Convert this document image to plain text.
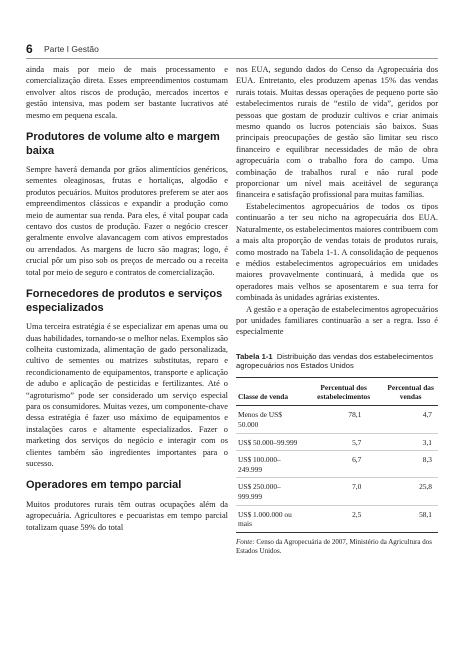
6 Parte I Gestão

ainda mais por meio de mais processamento e comercialização direta. Esses empreendimentos costumam envolver altos riscos de produção, mercados incertos e gestão intensiva, mas podem ser bastante lucrativos até mesmo em pequena escala.

Produtores de volume alto e margem baixa

Sempre haverá demanda por grãos alimentícios genéricos, sementes oleaginosas, frutas e hortaliças, algodão e produtos pecuários. Muitos produtores preferem se ater aos empreendimentos clássicos e expandir a produção como meio de aumentar sua renda. Para eles, é vital poupar cada centavo dos custos de produção. Fazer o negócio crescer geralmente envolve alavancagem com ativos emprestados ou arrendados. As margens de lucro são magras; logo, é crucial pôr um piso sob os preços de mercado ou a receita total por meio de seguro e contratos de comercialização.

Fornecedores de produtos e serviços especializados

Uma terceira estratégia é se especializar em apenas uma ou duas habilidades, tornando-se o melhor nelas. Exemplos são colheita customizada, alimentação de gado personalizada, cultivo de sementes ou matrizes substitutas, reparo e recondicionamento de equipamentos, transporte e aplicação de adubo e aplicação de pesticidas e fertilizantes. Até o “agroturismo” pode ser considerado um serviço especial para os consumidores. Muitas vezes, um componente-chave dessa estratégia é fazer uso máximo de equipamentos e instalações caros e altamente especializados. Fazer o marketing dos serviços do negócio e interagir com os clientes também são ingredientes importantes para o sucesso.

Operadores em tempo parcial

Muitos produtores rurais têm outras ocupações além da agropecuária. Agricultores e pecuaristas em tempo parcial totalizam quase 59% do total

nos EUA, segundo dados do Censo da Agropecuária dos EUA. Entretanto, eles produzem apenas 15% das vendas rurais totais. Muitas dessas operações de pequeno porte são estabelecimentos rurais de “estilo de vida”, geridos por pessoas que gostam de produzir cultivos e criar animais mesmo quando os lucros potenciais são baixos. Suas principais preocupações de gestão são limitar seu risco financeiro e equilibrar necessidades de mão de obra agropecuária com o trabalho fora do campo. Uma combinação de trabalhos rural e não rural pode proporcionar um nível mais aceitável de segurança financeira e satisfação profissional para muitas famílias.

Estabelecimentos agropecuários de todos os tipos continuarão a ter seu nicho na agropecuária dos EUA. Naturalmente, os estabelecimentos maiores contribuem com a mais alta proporção de vendas totais de produtos rurais, como mostrado na Tabela 1-1. A consolidação de pequenos e médios estabelecimentos agropecuários em unidades maiores provavelmente continuará, à medida que os operadores mais velhos se aposentarem e sua terra for combinada às unidades agrárias existentes.

A gestão e a operação de estabelecimentos agropecuários por unidades familiares continuarão a ser a regra. Isso é especialmente

Tabela 1-1 Distribuição das vendas dos estabelecimentos agropecuários nos Estados Unidos

Classe de venda	Percentual dos estabelecimentos	Percentual das vendas
Menos de US$ 50.000	78,1	4,7
US$ 50.000–99.999	5,7	3,1
US$ 100.000–249.999	6,7	8,3
US$ 250.000–999.999	7,0	25,8
US$ 1.000.000 ou mais	2,5	58,1

Fonte: Censo da Agropecuária de 2007, Ministério da Agricultura dos Estados Unidos.
